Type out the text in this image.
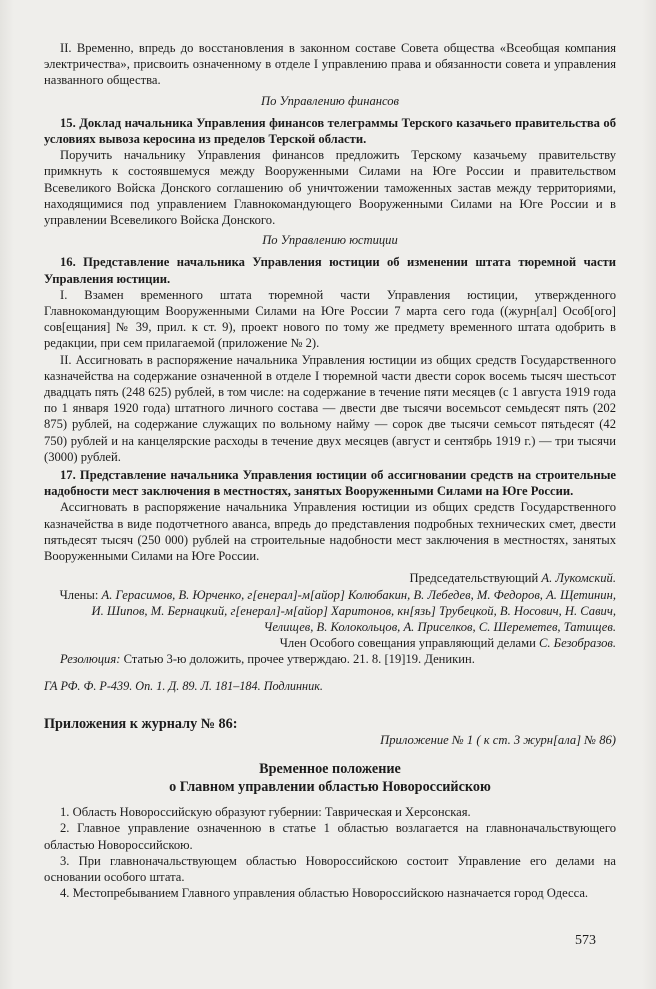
II. Временно, впредь до восстановления в законном составе Совета общества «Всеобщая компания электричества», присвоить означенному в отделе I управлению права и обязанности совета и управления названного общества.

По Управлению финансов

15. Доклад начальника Управления финансов телеграммы Терского казачьего правительства об условиях вывоза керосина из пределов Терской области.

Поручить начальнику Управления финансов предложить Терскому казачьему правительству примкнуть к состоявшемуся между Вооруженными Силами на Юге России и правительством Всевеликого Войска Донского соглашению об уничтожении таможенных застав между территориями, находящимися под управлением Главнокомандующего Вооруженными Силами на Юге России и в управлении Всевеликого Войска Донского.

По Управлению юстиции

16. Представление начальника Управления юстиции об изменении штата тюремной части Управления юстиции.

I. Взамен временного штата тюремной части Управления юстиции, утвержденного Главнокомандующим Вооруженными Силами на Юге России 7 марта сего года ((журн[ал] Особ[ого] сов[ещания] № 39, прил. к ст. 9), проект нового по тому же предмету временного штата одобрить в редакции, при сем прилагаемой (приложение № 2).

II. Ассигновать в распоряжение начальника Управления юстиции из общих средств Государственного казначейства на содержание означенной в отделе I тюремной части двести сорок восемь тысяч шестьсот двадцать пять (248 625) рублей, в том числе: на содержание в течение пяти месяцев (с 1 августа 1919 года по 1 января 1920 года) штатного личного состава — двести две тысячи восемьсот семьдесят пять (202 875) рублей, на содержание служащих по вольному найму — сорок две тысячи семьсот пятьдесят (42 750) рублей и на канцелярские расходы в течение двух месяцев (август и сентябрь 1919 г.) — три тысячи (3000) рублей.

17. Представление начальника Управления юстиции об ассигновании средств на строительные надобности мест заключения в местностях, занятых Вооруженными Силами на Юге России.

Ассигновать в распоряжение начальника Управления юстиции из общих средств Государственного казначейства в виде подотчетного аванса, впредь до представления подробных технических смет, двести пятьдесят тысяч (250 000) рублей на строительные надобности мест заключения в местностях, занятых Вооруженными Силами на Юге России.

Председательствующий А. Лукомский.

Члены: А. Герасимов, В. Юрченко, г[енерал]-м[айор] Колюбакин, В. Лебедев, М. Федоров, А. Щетинин,

И. Шипов, М. Бернацкий, г[енерал]-м[айор] Харитонов, кн[язь] Трубецкой, В. Носович, Н. Савич,

Челищев, В. Колокольцов, А. Приселков, С. Шереметев, Татищев.

Член Особого совещания управляющий делами С. Безобразов.

Резолюция: Статью 3-ю доложить, прочее утверждаю. 21. 8. [19]19. Деникин.

ГА РФ. Ф. Р-439. Оп. 1. Д. 89. Л. 181–184. Подлинник.

Приложения к журналу № 86:

Приложение № 1 ( к ст. 3 журн[ала] № 86)

Временное положение

о Главном управлении областью Новороссийскою

1. Область Новороссийскую образуют губернии: Таврическая и Херсонская.

2. Главное управление означенною в статье 1 областью возлагается на главноначальствующего областью Новороссийскою.

3. При главноначальствующем областью Новороссийскою состоит Управление его делами на основании особого штата.

4. Местопребыванием Главного управления областью Новороссийскою назначается город Одесса.

573
